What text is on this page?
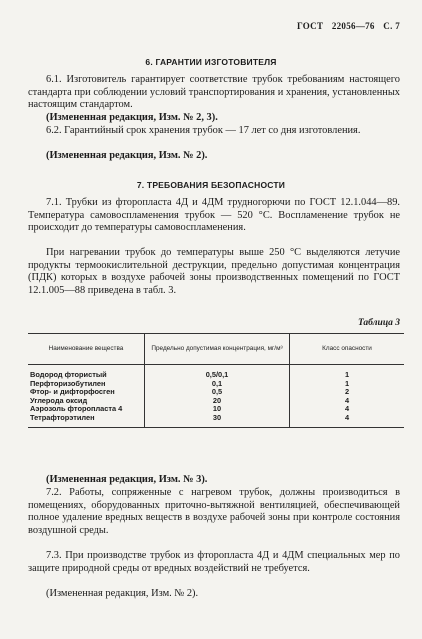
ГОСТ 22056—76 С. 7
6. ГАРАНТИИ ИЗГОТОВИТЕЛЯ
6.1. Изготовитель гарантирует соответствие трубок требованиям настоящего стандарта при соблюдении условий транспортирования и хранения, установленных настоящим стандартом.
(Измененная редакция, Изм. № 2, 3).
6.2. Гарантийный срок хранения трубок — 17 лет со дня изготовления.
(Измененная редакция, Изм. № 2).
7. ТРЕБОВАНИЯ БЕЗОПАСНОСТИ
7.1. Трубки из фторопласта 4Д и 4ДМ трудногорючи по ГОСТ 12.1.044—89. Температура самовоспламенения трубок — 520 °С. Воспламенение трубок не происходит до температуры самовоспламенения.
При нагревании трубок до температуры выше 250 °С выделяются летучие продукты термоокислительной деструкции, предельно допустимая концентрация (ПДК) которых в воздухе рабочей зоны производственных помещений по ГОСТ 12.1.005—88 приведена в табл. 3.
Таблица 3
Наименование вещества	Предельно допустимая концентрация, мг/м³	Класс опасности
Водород фтористый	0,5/0,1	1
Перфторизобутилен	0,1	1
Фтор- и дифторфосген	0,5	2
Углерода оксид	20	4
Аэрозоль фторопласта 4	10	4
Тетрафторэтилен	30	4
(Измененная редакция, Изм. № 3).
7.2. Работы, сопряженные с нагревом трубок, должны производиться в помещениях, оборудованных приточно-вытяжной вентиляцией, обеспечивающей полное удаление вредных веществ в воздухе рабочей зоны при контроле состояния воздушной среды.
7.3. При производстве трубок из фторопласта 4Д и 4ДМ специальных мер по защите природной среды от вредных воздействий не требуется.
(Измененная редакция, Изм. № 2).
